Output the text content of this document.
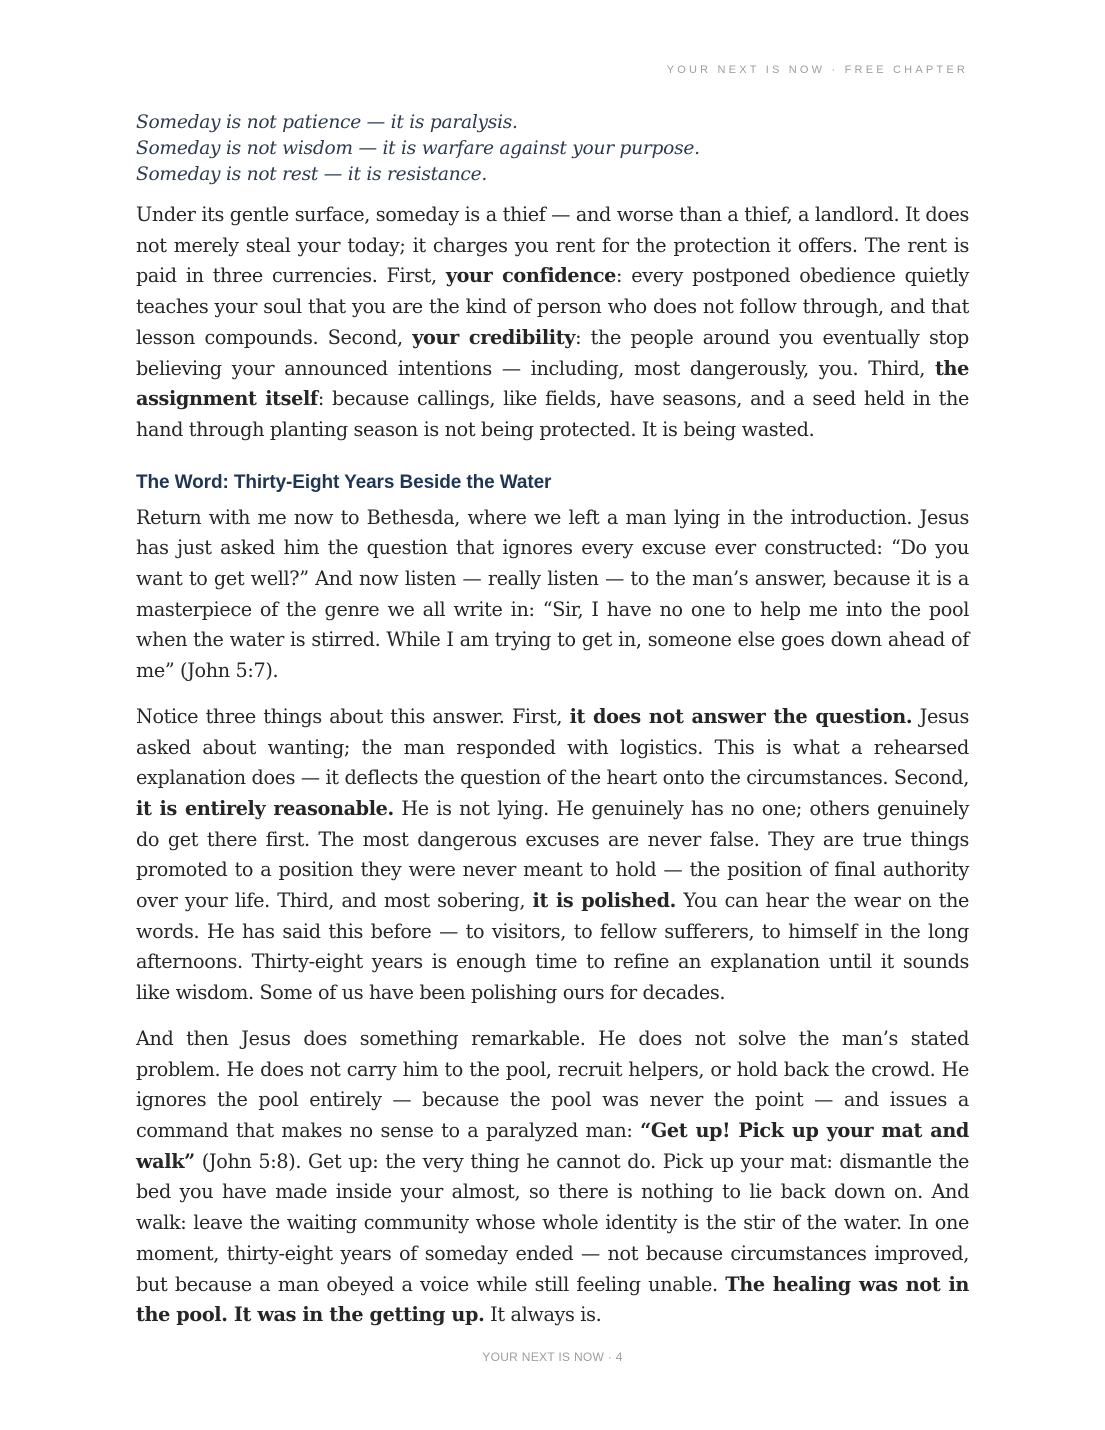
YOUR NEXT IS NOW · FREE CHAPTER
Someday is not patience — it is paralysis.
Someday is not wisdom — it is warfare against your purpose.
Someday is not rest — it is resistance.

Under its gentle surface, someday is a thief — and worse than a thief, a landlord. It does not merely steal your today; it charges you rent for the protection it offers. The rent is paid in three currencies. First, your confidence: every postponed obedience quietly teaches your soul that you are the kind of person who does not follow through, and that lesson compounds. Second, your credibility: the people around you eventually stop believing your announced intentions — including, most dangerously, you. Third, the assignment itself: because callings, like fields, have seasons, and a seed held in the hand through planting season is not being protected. It is being wasted.

The Word: Thirty-Eight Years Beside the Water

Return with me now to Bethesda, where we left a man lying in the introduction. Jesus has just asked him the question that ignores every excuse ever constructed: “Do you want to get well?” And now listen — really listen — to the man’s answer, because it is a masterpiece of the genre we all write in: “Sir, I have no one to help me into the pool when the water is stirred. While I am trying to get in, someone else goes down ahead of me” (John 5:7).

Notice three things about this answer. First, it does not answer the question. Jesus asked about wanting; the man responded with logistics. This is what a rehearsed explanation does — it deflects the question of the heart onto the circumstances. Second, it is entirely reasonable. He is not lying. He genuinely has no one; others genuinely do get there first. The most dangerous excuses are never false. They are true things promoted to a position they were never meant to hold — the position of final authority over your life. Third, and most sobering, it is polished. You can hear the wear on the words. He has said this before — to visitors, to fellow sufferers, to himself in the long afternoons. Thirty-eight years is enough time to refine an explanation until it sounds like wisdom. Some of us have been polishing ours for decades.

And then Jesus does something remarkable. He does not solve the man’s stated problem. He does not carry him to the pool, recruit helpers, or hold back the crowd. He ignores the pool entirely — because the pool was never the point — and issues a command that makes no sense to a paralyzed man: “Get up! Pick up your mat and walk” (John 5:8). Get up: the very thing he cannot do. Pick up your mat: dismantle the bed you have made inside your almost, so there is nothing to lie back down on. And walk: leave the waiting community whose whole identity is the stir of the water. In one moment, thirty-eight years of someday ended — not because circumstances improved, but because a man obeyed a voice while still feeling unable. The healing was not in the pool. It was in the getting up. It always is.

YOUR NEXT IS NOW · 4
